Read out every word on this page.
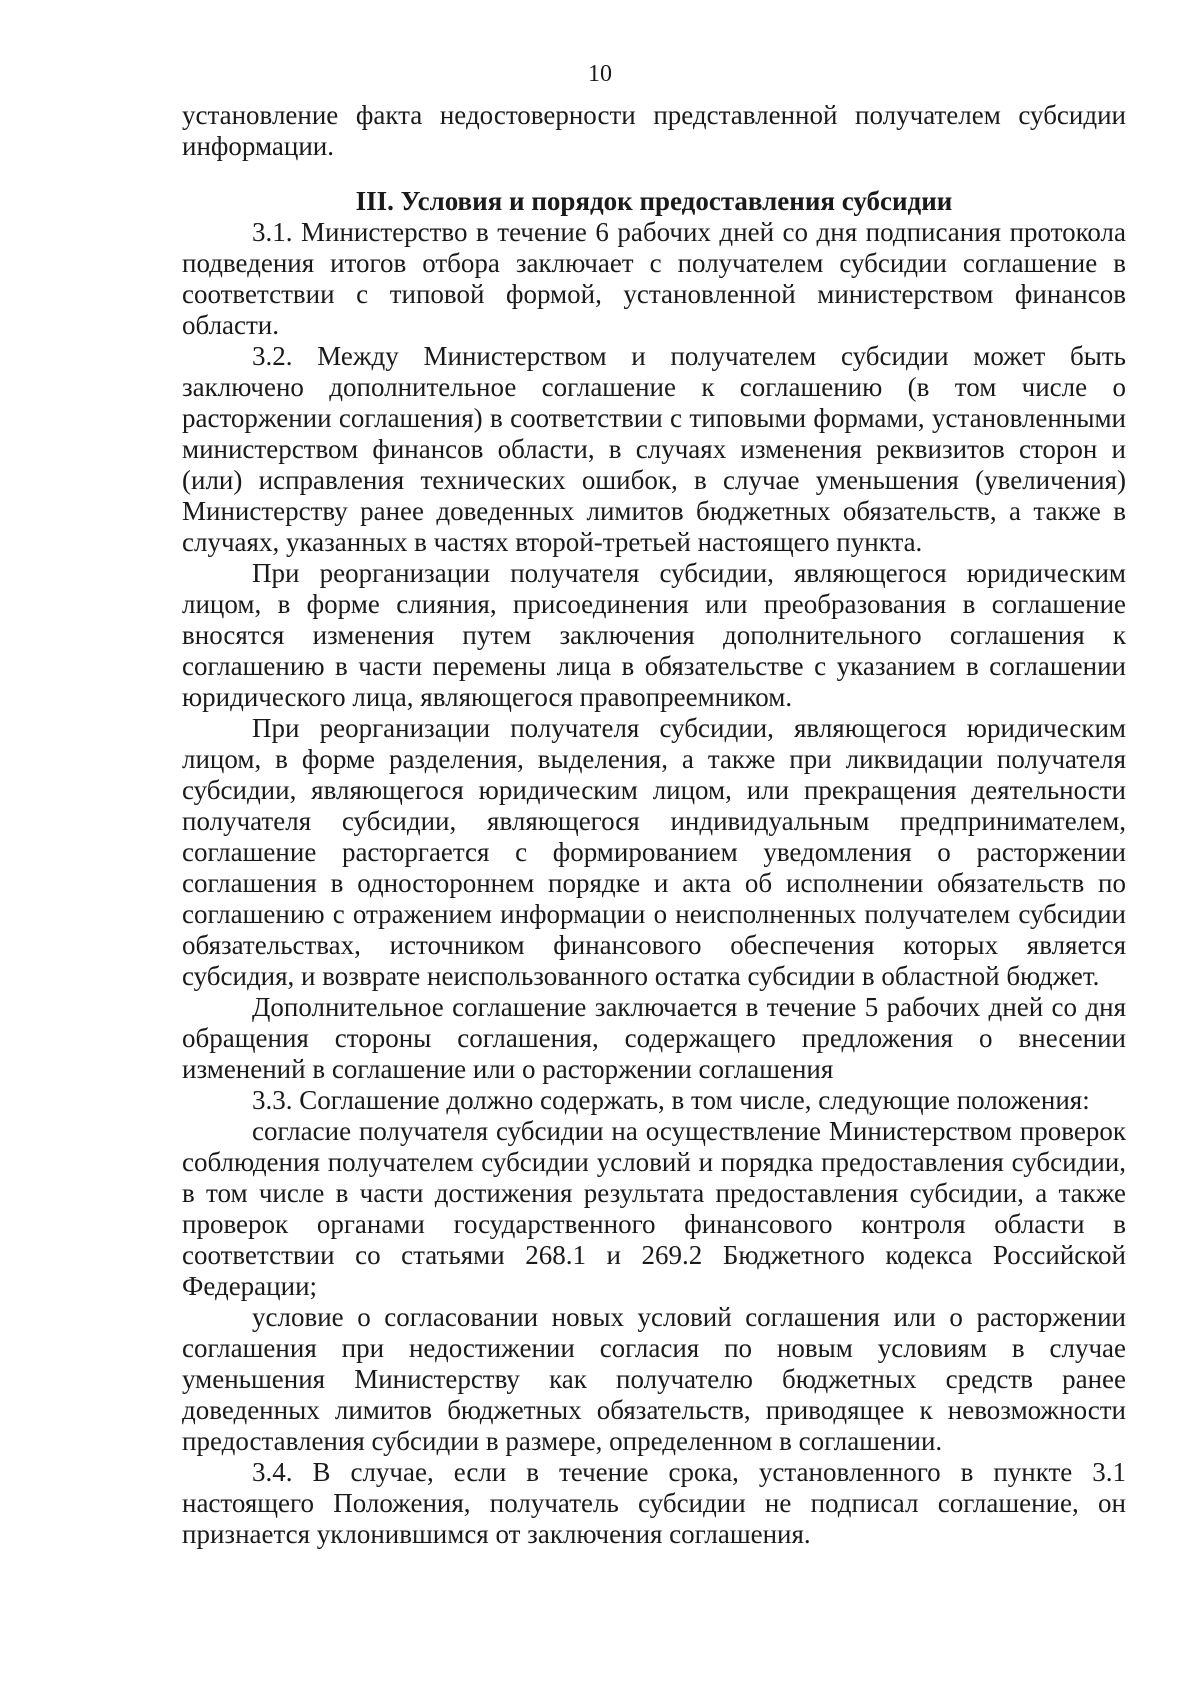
10

установление факта недостоверности представленной получателем субсидии информации.

III. Условия и порядок предоставления субсидии

3.1. Министерство в течение 6 рабочих дней со дня подписания протокола подведения итогов отбора заключает с получателем субсидии соглашение в соответствии с типовой формой, установленной министерством финансов области.

3.2. Между Министерством и получателем субсидии может быть заключено дополнительное соглашение к соглашению (в том числе о расторжении соглашения) в соответствии с типовыми формами, установленными министерством финансов области, в случаях изменения реквизитов сторон и (или) исправления технических ошибок, в случае уменьшения (увеличения) Министерству ранее доведенных лимитов бюджетных обязательств, а также в случаях, указанных в частях второй-третьей настоящего пункта.

При реорганизации получателя субсидии, являющегося юридическим лицом, в форме слияния, присоединения или преобразования в соглашение вносятся изменения путем заключения дополнительного соглашения к соглашению в части перемены лица в обязательстве с указанием в соглашении юридического лица, являющегося правопреемником.

При реорганизации получателя субсидии, являющегося юридическим лицом, в форме разделения, выделения, а также при ликвидации получателя субсидии, являющегося юридическим лицом, или прекращения деятельности получателя субсидии, являющегося индивидуальным предпринимателем, соглашение расторгается с формированием уведомления о расторжении соглашения в одностороннем порядке и акта об исполнении обязательств по соглашению с отражением информации о неисполненных получателем субсидии обязательствах, источником финансового обеспечения которых является субсидия, и возврате неиспользованного остатка субсидии в областной бюджет.

Дополнительное соглашение заключается в течение 5 рабочих дней со дня обращения стороны соглашения, содержащего предложения о внесении изменений в соглашение или о расторжении соглашения

3.3. Соглашение должно содержать, в том числе, следующие положения:

согласие получателя субсидии на осуществление Министерством проверок соблюдения получателем субсидии условий и порядка предоставления субсидии, в том числе в части достижения результата предоставления субсидии, а также проверок органами государственного финансового контроля области в соответствии со статьями 268.1 и 269.2 Бюджетного кодекса Российской Федерации;

условие о согласовании новых условий соглашения или о расторжении соглашения при недостижении согласия по новым условиям в случае уменьшения Министерству как получателю бюджетных средств ранее доведенных лимитов бюджетных обязательств, приводящее к невозможности предоставления субсидии в размере, определенном в соглашении.

3.4. В случае, если в течение срока, установленного в пункте 3.1 настоящего Положения, получатель субсидии не подписал соглашение, он признается уклонившимся от заключения соглашения.
